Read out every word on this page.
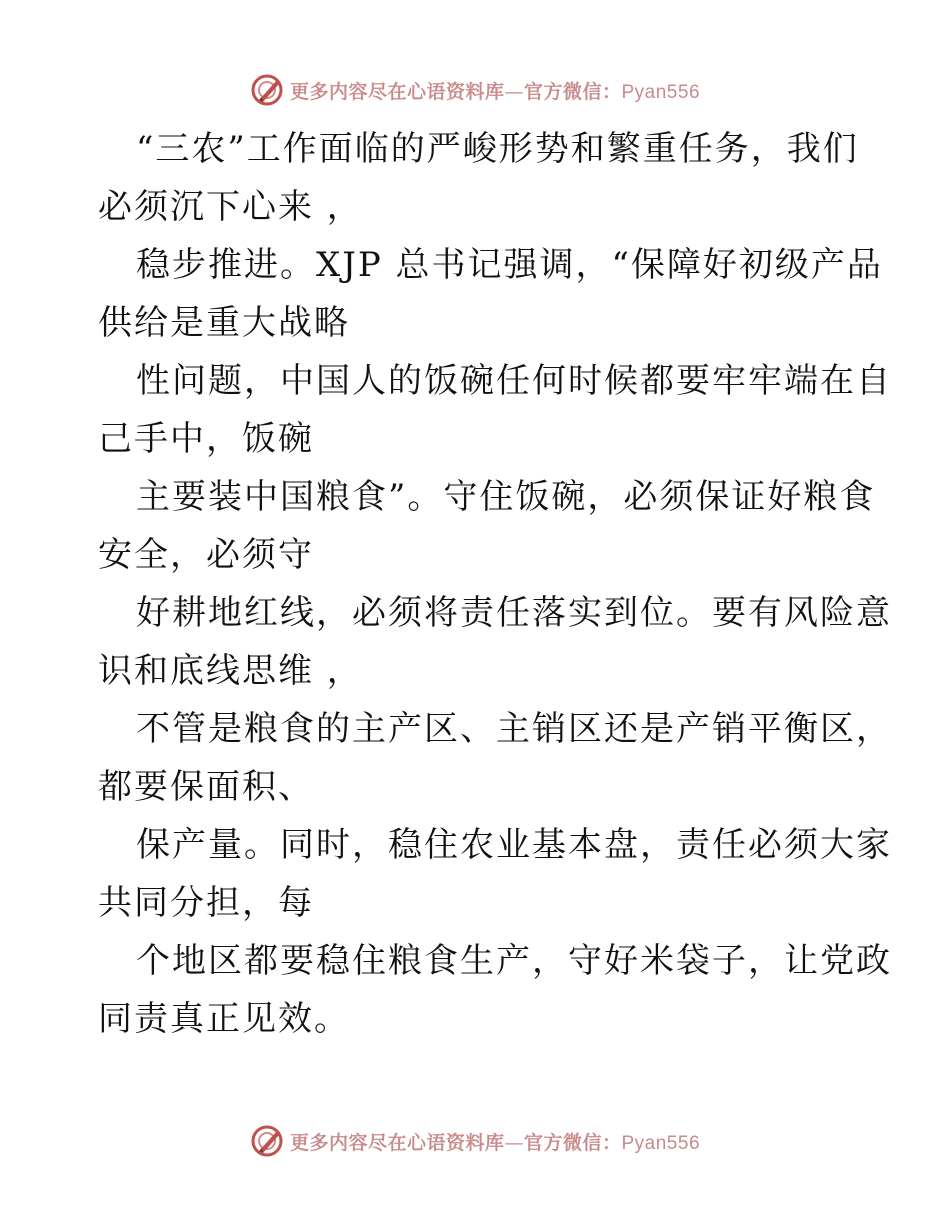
更多内容尽在心语资料库—官方微信：Pyan556
“三农”工作面临的严峻形势和繁重任务，我们
必须沉下心来 ，
稳步推进。XJP 总书记强调，“保障好初级产品
供给是重大战略
性问题，中国人的饭碗任何时候都要牢牢端在自
己手中，饭碗
主要装中国粮食”。守住饭碗，必须保证好粮食
安全，必须守
好耕地红线，必须将责任落实到位。要有风险意
识和底线思维 ，
不管是粮食的主产区、主销区还是产销平衡区，
都要保面积、
保产量。同时，稳住农业基本盘，责任必须大家
共同分担，每
个地区都要稳住粮食生产，守好米袋子，让党政
同责真正见效。
更多内容尽在心语资料库—官方微信：Pyan556
